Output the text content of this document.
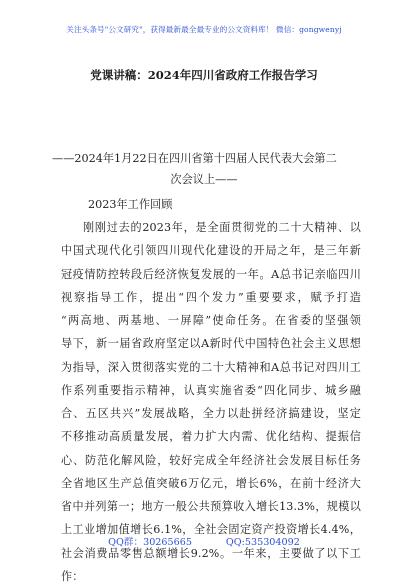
关注头条号"公文研究"，获得最新最全最专业的公文资料库！ 微信：gongwenyj
党课讲稿：2024年四川省政府工作报告学习
——2024年1月22日在四川省第十四届人民代表大会第二
次会议上——
2023年工作回顾
刚刚过去的2023年，是全面贯彻党的二十大精神、以
中国式现代化引领四川现代化建设的开局之年，是三年新
冠疫情防控转段后经济恢复发展的一年。A总书记亲临四川
视察指导工作，提出“四个发力”重要要求，赋予打造
“两高地、两基地、一屏障”使命任务。在省委的坚强领
导下，新一届省政府坚定以A新时代中国特色社会主义思想
为指导，深入贯彻落实党的二十大精神和A总书记对四川工
作系列重要指示精神，认真实施省委“四化同步、城乡融
合、五区共兴”发展战略，全力以赴拼经济搞建设，坚定
不移推动高质量发展，着力扩大内需、优化结构、提振信
心、防范化解风险，较好完成全年经济社会发展目标任务
全省地区生产总值突破6万亿元，增长6%，在前十经济大
省中并列第一；地方一般公共预算收入增长13.3%，规模以
上工业增加值增长6.1%，全社会固定资产投资增长4.4%，
社会消费品零售总额增长9.2%。一年来，主要做了以下工
作：
QQ群：30265665	QQ:535304092
